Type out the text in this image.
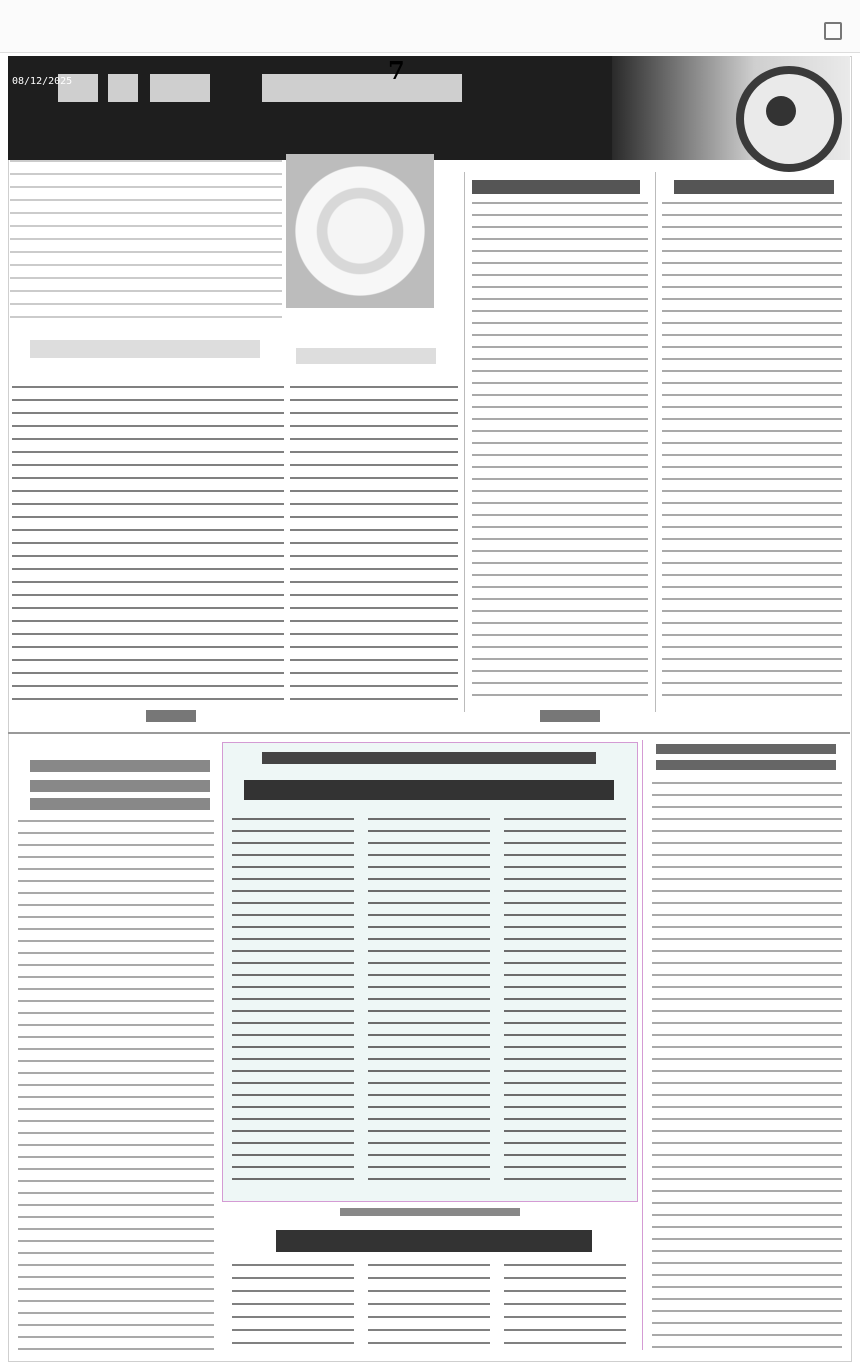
7
08/12/2025
